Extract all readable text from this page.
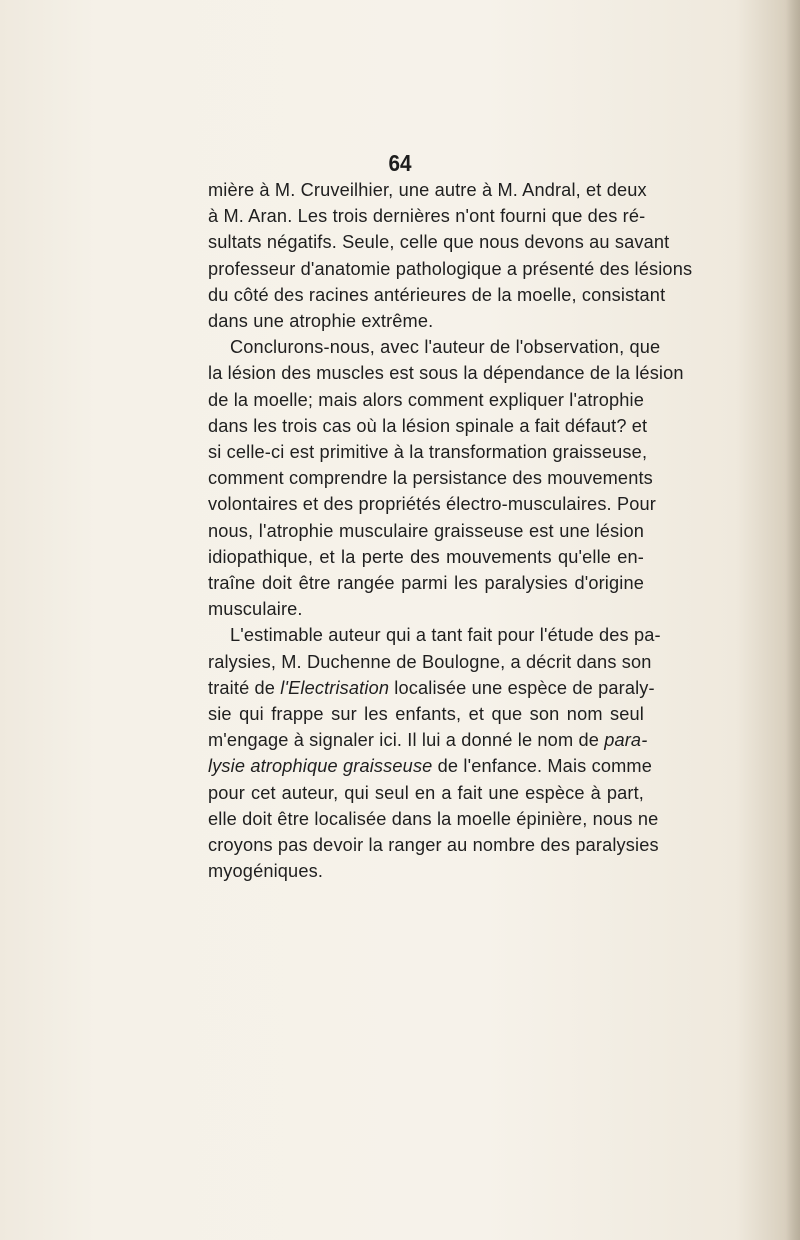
64

mière à M. Cruveilhier, une autre à M. Andral, et deux
à M. Aran. Les trois dernières n'ont fourni que des ré-
sultats négatifs. Seule, celle que nous devons au savant
professeur d'anatomie pathologique a présenté des lésions
du côté des racines antérieures de la moelle, consistant
dans une atrophie extrême.

Conclurons-nous, avec l'auteur de l'observation, que
la lésion des muscles est sous la dépendance de la lésion
de la moelle; mais alors comment expliquer l'atrophie
dans les trois cas où la lésion spinale a fait défaut? et
si celle-ci est primitive à la transformation graisseuse,
comment comprendre la persistance des mouvements
volontaires et des propriétés électro-musculaires. Pour
nous, l'atrophie musculaire graisseuse est une lésion
idiopathique, et la perte des mouvements qu'elle en-
traîne doit être rangée parmi les paralysies d'origine
musculaire.

L'estimable auteur qui a tant fait pour l'étude des pa-
ralysies, M. Duchenne de Boulogne, a décrit dans son
traité de l'Electrisation localisée une espèce de paraly-
sie qui frappe sur les enfants, et que son nom seul
m'engage à signaler ici. Il lui a donné le nom de para-
lysie atrophique graisseuse de l'enfance. Mais comme
pour cet auteur, qui seul en a fait une espèce à part,
elle doit être localisée dans la moelle épinière, nous ne
croyons pas devoir la ranger au nombre des paralysies
myogéniques.
